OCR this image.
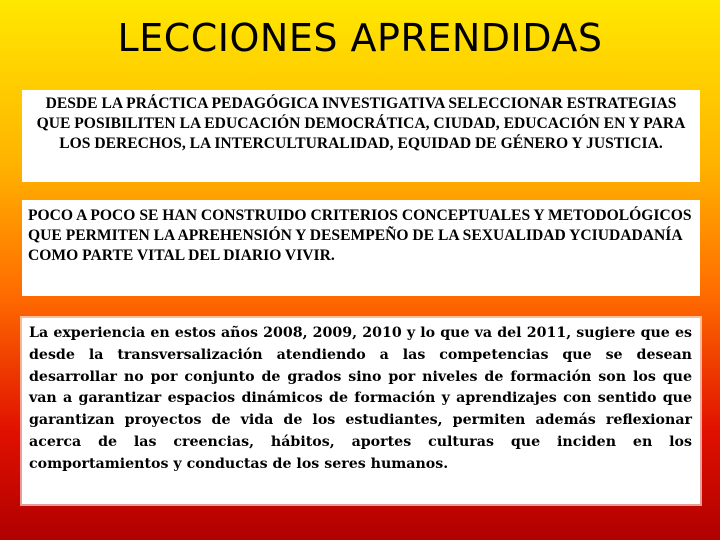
LECCIONES APRENDIDAS
DESDE LA PRÁCTICA PEDAGÓGICA INVESTIGATIVA SELECCIONAR ESTRATEGIAS QUE POSIBILITEN LA EDUCACIÓN DEMOCRÁTICA, CIUDAD, EDUCACIÓN EN Y PARA LOS DERECHOS, LA INTERCULTURALIDAD, EQUIDAD DE GÉNERO Y JUSTICIA.
POCO A POCO SE HAN CONSTRUIDO CRITERIOS CONCEPTUALES Y METODOLÓGICOS QUE PERMITEN LA APREHENSIÓN Y DESEMPEÑO DE LA SEXUALIDAD YCIUDADANÍA COMO PARTE VITAL DEL DIARIO VIVIR.
La experiencia en estos años 2008, 2009, 2010 y lo que va del 2011, sugiere que es desde la transversalización atendiendo a las competencias que se desean desarrollar no por conjunto de grados sino por niveles de formación son los que van a garantizar espacios dinámicos de formación y aprendizajes con sentido que garantizan proyectos de vida de los estudiantes, permiten además reflexionar acerca de las creencias, hábitos, aportes culturas que inciden en los comportamientos y conductas de los seres humanos.
